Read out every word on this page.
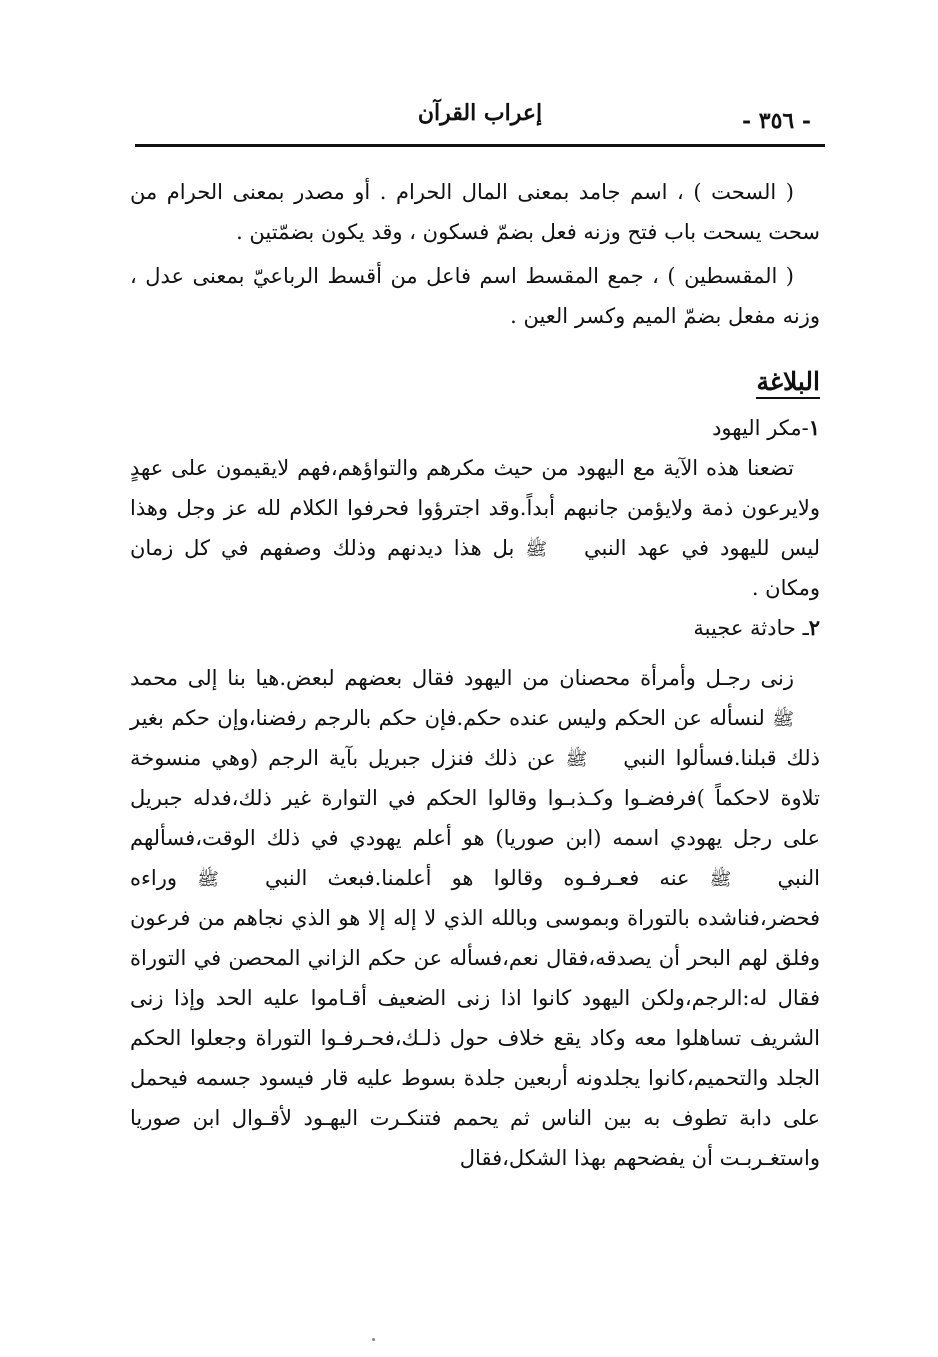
إعراب القرآن	- ٣٥٦ -

( السحت ) ، اسم جامد بمعنى المال الحرام . أو مصدر بمعنى الحرام من سحت يسحت باب فتح وزنه فعل بضمّ فسكون ، وقد يكون بضمّتين .

( المقسطين ) ، جمع المقسط اسم فاعل من أقسط الرباعيّ بمعنى عدل ، وزنه مفعل بضمّ الميم وكسر العين .

البلاغة

١-مكر اليهود

تضعنا هذه الآية مع اليهود من حيث مكرهم والتواؤهم،فهم لايقيمون على عهدٍ ولايرعون ذمة ولايؤمن جانبهم أبداً.وقد اجترؤوا فحرفوا الكلام لله عز وجل وهذا ليس لليهود في عهد النبي ﷺ بل هذا ديدنهم وذلك وصفهم في كل زمان ومكان .

٢ـ حادثة عجيبة

زنى رجـل وأمرأة محصنان من اليهود فقال بعضهم لبعض.هيا بنا إلى محمد ﷺ لنسأله عن الحكم وليس عنده حكم.فإن حكم بالرجم رفضنا،وإن حكم بغير ذلك قبلنا.فسألوا النبي ﷺ عن ذلك فنزل جبريل بآية الرجم (وهي منسوخة تلاوة لاحكماً )فرفضـوا وكـذبـوا وقالوا الحكم في التوارة غير ذلك،فدله جبريل على رجل يهودي اسمه (ابن صوريا) هو أعلم يهودي في ذلك الوقت،فسألهم النبي ﷺ عنه فعـرفـوه وقالوا هو أعلمنا.فبعث النبي ﷺ وراءه فحضر،فناشده بالتوراة وبموسى وبالله الذي لا إله إلا هو الذي نجاهم من فرعون وفلق لهم البحر أن يصدقه،فقال نعم،فسأله عن حكم الزاني المحصن في التوراة فقال له:الرجم،ولكن اليهود كانوا اذا زنى الضعيف أقـاموا عليه الحد وإذا زنى الشريف تساهلوا معه وكاد يقع خلاف حول ذلـك،فحـرفـوا التوراة وجعلوا الحكم الجلد والتحميم،كانوا يجلدونه أربعين جلدة بسوط عليه قار فيسود جسمه فيحمل على دابة تطوف به بين الناس ثم يحمم فتنكـرت اليهـود لأقـوال ابن صوريا واستغـربـت أن يفضحهم بهذا الشكل،فقال
